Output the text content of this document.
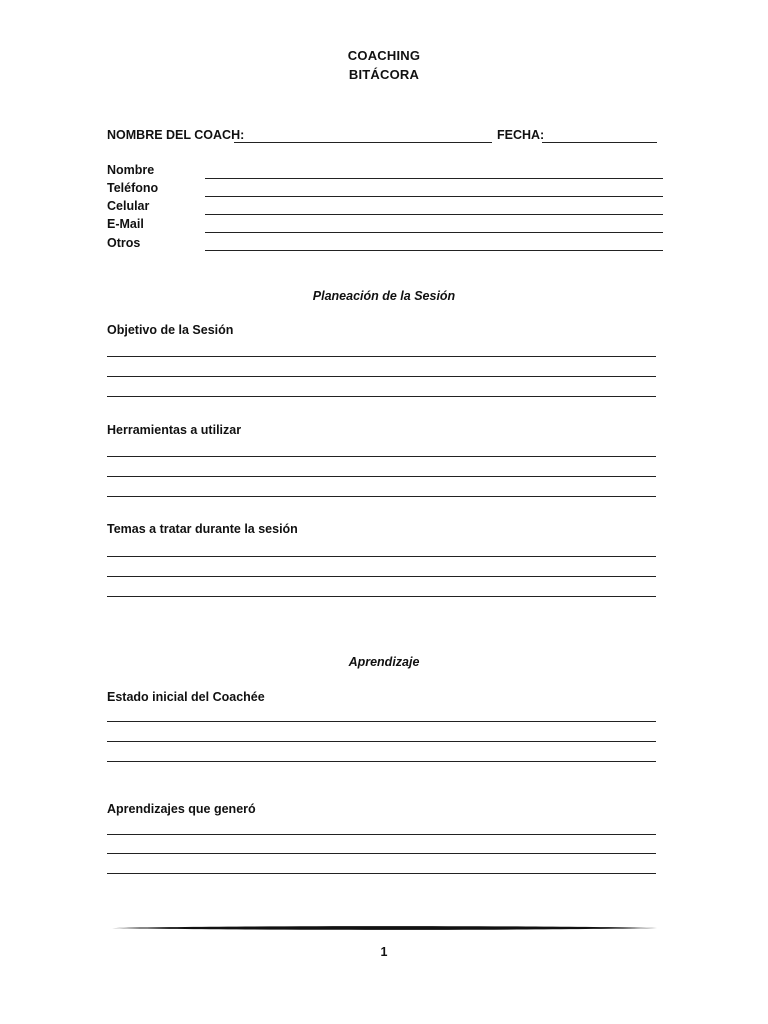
COACHING
BITÁCORA
NOMBRE DEL COACH:	FECHA:
Nombre
Teléfono
Celular
E-Mail
Otros
Planeación de la Sesión
Objetivo de la Sesión
Herramientas a utilizar
Temas a tratar durante la sesión
Aprendizaje
Estado inicial del Coachée
Aprendizajes que generó
1
